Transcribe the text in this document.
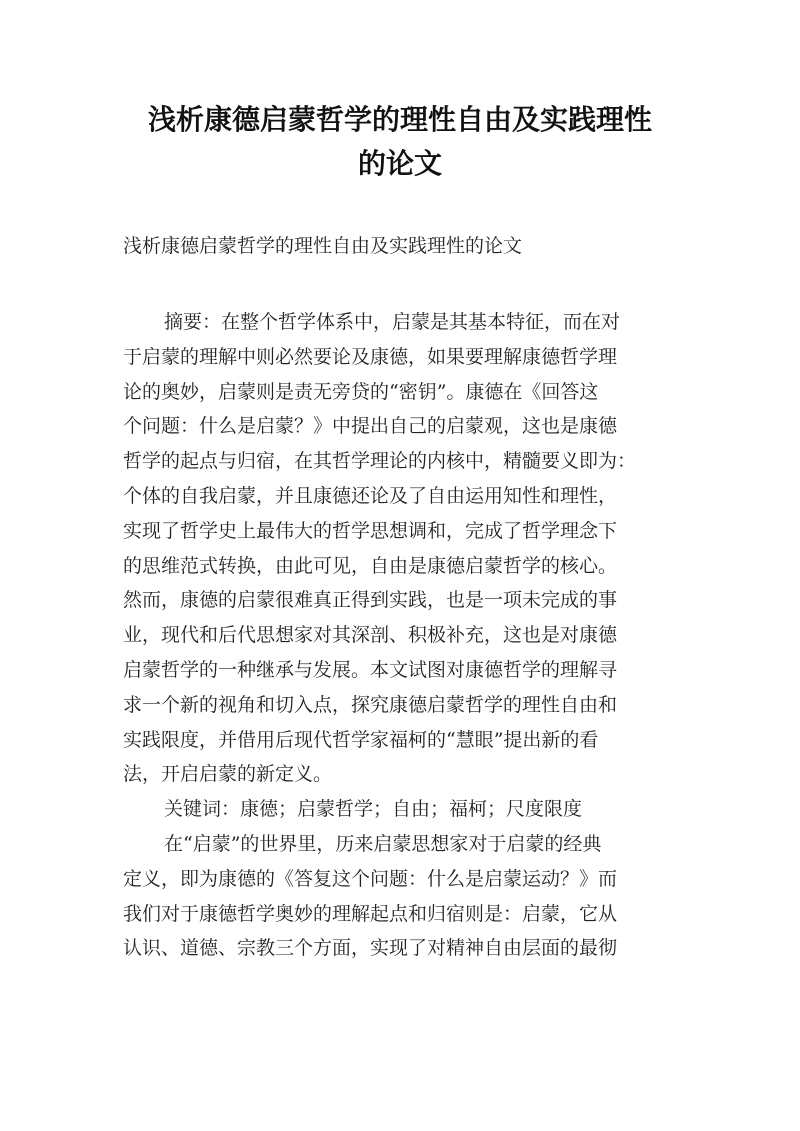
浅析康德启蒙哲学的理性自由及实践理性
的论文

浅析康德启蒙哲学的理性自由及实践理性的论文

摘要：在整个哲学体系中，启蒙是其基本特征，而在对

于启蒙的理解中则必然要论及康德，如果要理解康德哲学理

论的奥妙，启蒙则是责无旁贷的“密钥”。康德在《回答这

个问题：什么是启蒙？》中提出自己的启蒙观，这也是康德

哲学的起点与归宿，在其哲学理论的内核中，精髓要义即为：

个体的自我启蒙，并且康德还论及了自由运用知性和理性，

实现了哲学史上最伟大的哲学思想调和，完成了哲学理念下

的思维范式转换，由此可见，自由是康德启蒙哲学的核心。

然而，康德的启蒙很难真正得到实践，也是一项未完成的事

业，现代和后代思想家对其深剖、积极补充，这也是对康德

启蒙哲学的一种继承与发展。本文试图对康德哲学的理解寻

求一个新的视角和切入点，探究康德启蒙哲学的理性自由和

实践限度，并借用后现代哲学家福柯的“慧眼”提出新的看

法，开启启蒙的新定义。

关键词：康德；启蒙哲学；自由；福柯；尺度限度

在“启蒙”的世界里，历来启蒙思想家对于启蒙的经典

定义，即为康德的《答复这个问题：什么是启蒙运动？》而

我们对于康德哲学奥妙的理解起点和归宿则是：启蒙，它从

认识、道德、宗教三个方面，实现了对精神自由层面的最彻
